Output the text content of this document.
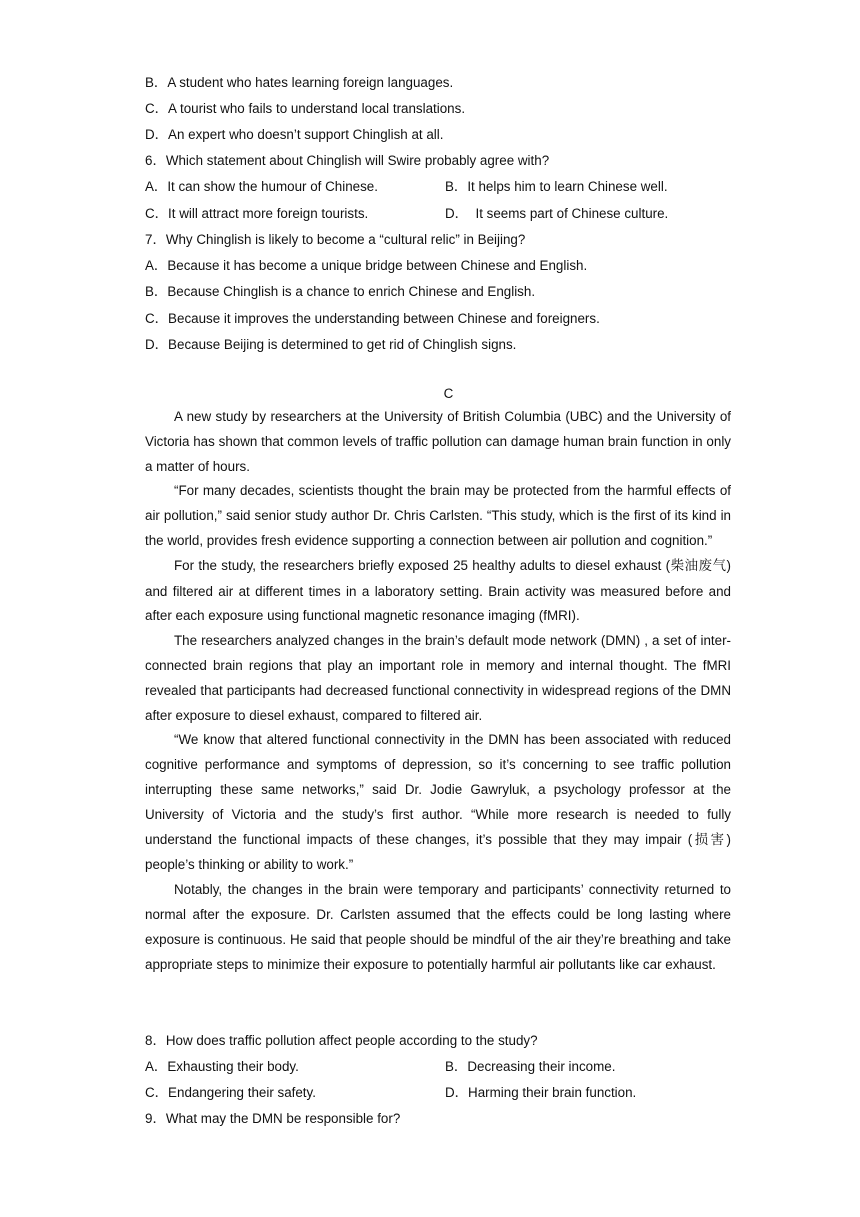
B．A student who hates learning foreign languages.
C．A tourist who fails to understand local translations.
D．An expert who doesn’t support Chinglish at all.
6．Which statement about Chinglish will Swire probably agree with?
A．It can show the humour of Chinese.	B．It helps him to learn Chinese well.
C．It will attract more foreign tourists.	D．  It seems part of Chinese culture.
7．Why Chinglish is likely to become a “cultural relic” in Beijing?
A．Because it has become a unique bridge between Chinese and English.
B．Because Chinglish is a chance to enrich Chinese and English.
C．Because it improves the understanding between Chinese and foreigners.
D．Because Beijing is determined to get rid of Chinglish signs.
C

A new study by researchers at the University of British Columbia (UBC) and the University of Victoria has shown that common levels of traffic pollution can damage human brain function in only a matter of hours.

“For many decades, scientists thought the brain may be protected from the harmful effects of air pollution,” said senior study author Dr. Chris Carlsten. “This study, which is the first of its kind in the world, provides fresh evidence supporting a connection between air pollution and cognition.”

For the study, the researchers briefly exposed 25 healthy adults to diesel exhaust (柴油废气) and filtered air at different times in a laboratory setting. Brain activity was measured before and after each exposure using functional magnetic resonance imaging (fMRI).

The researchers analyzed changes in the brain’s default mode network (DMN) , a set of inter-connected brain regions that play an important role in memory and internal thought. The fMRI revealed that participants had decreased functional connectivity in widespread regions of the DMN after exposure to diesel exhaust, compared to filtered air.

“We know that altered functional connectivity in the DMN has been associated with reduced cognitive performance and symptoms of depression, so it’s concerning to see traffic pollution interrupting these same networks,” said Dr. Jodie Gawryluk, a psychology professor at the University of Victoria and the study’s first author. “While more research is needed to fully understand the functional impacts of these changes, it’s possible that they may impair (损害) people’s thinking or ability to work.”

Notably, the changes in the brain were temporary and participants’ connectivity returned to normal after the exposure. Dr. Carlsten assumed that the effects could be long lasting where exposure is continuous. He said that people should be mindful of the air they’re breathing and take appropriate steps to minimize their exposure to potentially harmful air pollutants like car exhaust.

8．How does traffic pollution affect people according to the study?
A．Exhausting their body.	B．Decreasing their income.
C．Endangering their safety.	D．Harming their brain function.
9．What may the DMN be responsible for?
